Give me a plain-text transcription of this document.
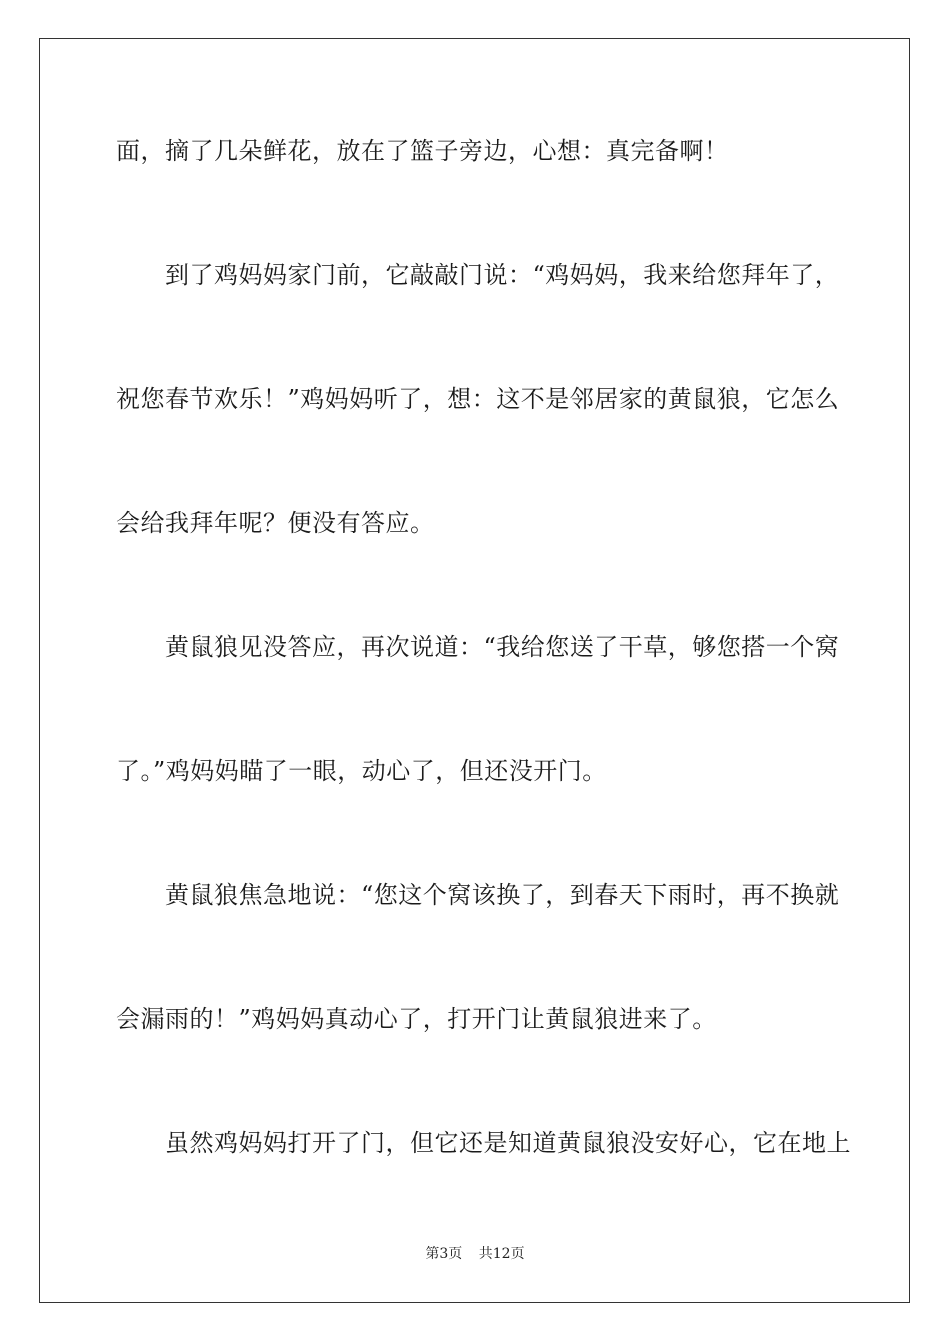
面，摘了几朵鲜花，放在了篮子旁边，心想：真完备啊！
到了鸡妈妈家门前，它敲敲门说：“鸡妈妈，我来给您拜年了，
祝您春节欢乐！”鸡妈妈听了，想：这不是邻居家的黄鼠狼，它怎么
会给我拜年呢？便没有答应。
黄鼠狼见没答应，再次说道：“我给您送了干草，够您搭一个窝
了。”鸡妈妈瞄了一眼，动心了，但还没开门。
黄鼠狼焦急地说：“您这个窝该换了，到春天下雨时，再不换就
会漏雨的！”鸡妈妈真动心了，打开门让黄鼠狼进来了。
虽然鸡妈妈打开了门，但它还是知道黄鼠狼没安好心，它在地上
第3页 共12页
